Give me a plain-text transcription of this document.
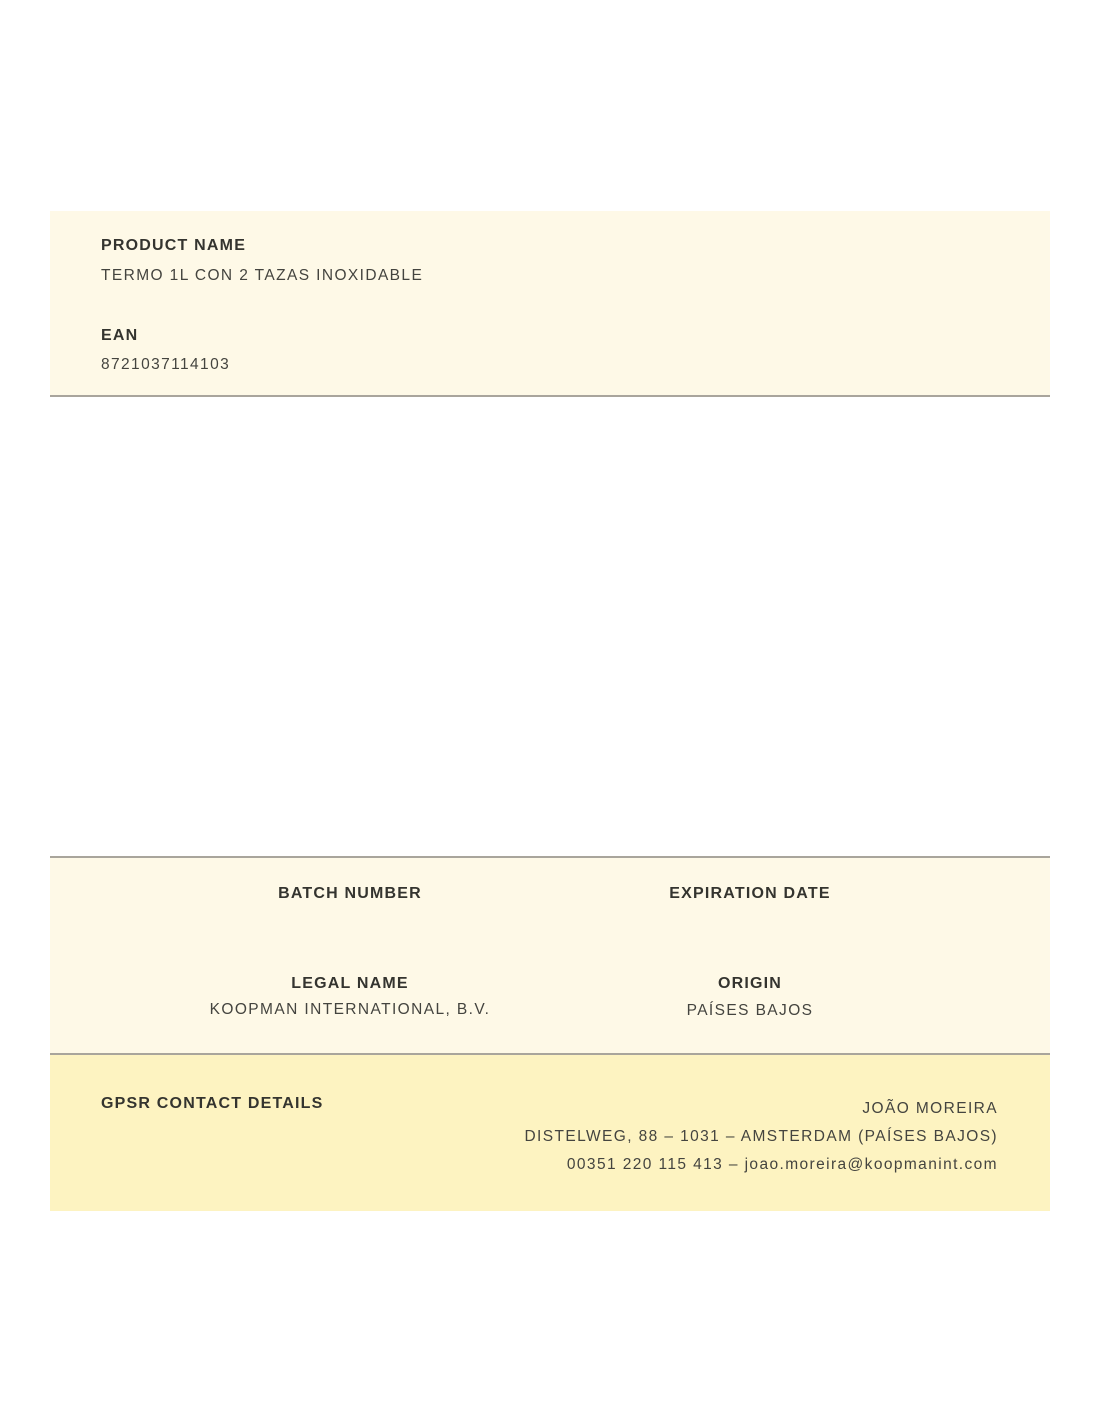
PRODUCT NAME
TERMO 1L CON 2 TAZAS INOXIDABLE
EAN
8721037114103
BATCH NUMBER	EXPIRATION DATE
LEGAL NAME
KOOPMAN INTERNATIONAL, B.V.
ORIGIN
PAÍSES BAJOS
GPSR CONTACT DETAILS	JOÃO MOREIRA
DISTELWEG, 88 – 1031 – AMSTERDAM (PAÍSES BAJOS)
00351 220 115 413 – joao.moreira@koopmanint.com
